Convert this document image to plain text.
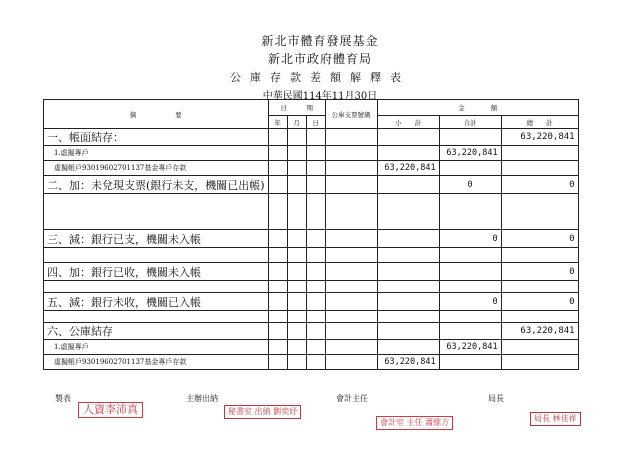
新北市體育發展基金
新北市政府體育局
公庫存款差額解釋表
中華民國114年11月30日
摘　　　　　　要	日　　　期			公庫支票號碼	金　　　　額		
	年	月	日		小　　計	合計	總　　計
一、帳面結存：							63,220,841
1.虛擬專戶						63,220,841	
虛擬帳戶93019602701137基金專戶存款					63,220,841		
二、加：未兌現支票(銀行未支，機關已出帳)						0	0

三、減：銀行已支，機關未入帳						0	0

四、加：銀行已收，機關未入帳							0

五、減：銀行未收，機關已入帳						0	0

六、公庫結存							63,220,841
1.虛擬專戶						63,220,841	
虛擬帳戶93019602701137基金專戶存款					63,220,841		
製表	主辦出納	會計主任	局長
人資李沛真	秘書室 出納 劉奕妤
會計室 主任 蕭維方	局長 林佳祥
